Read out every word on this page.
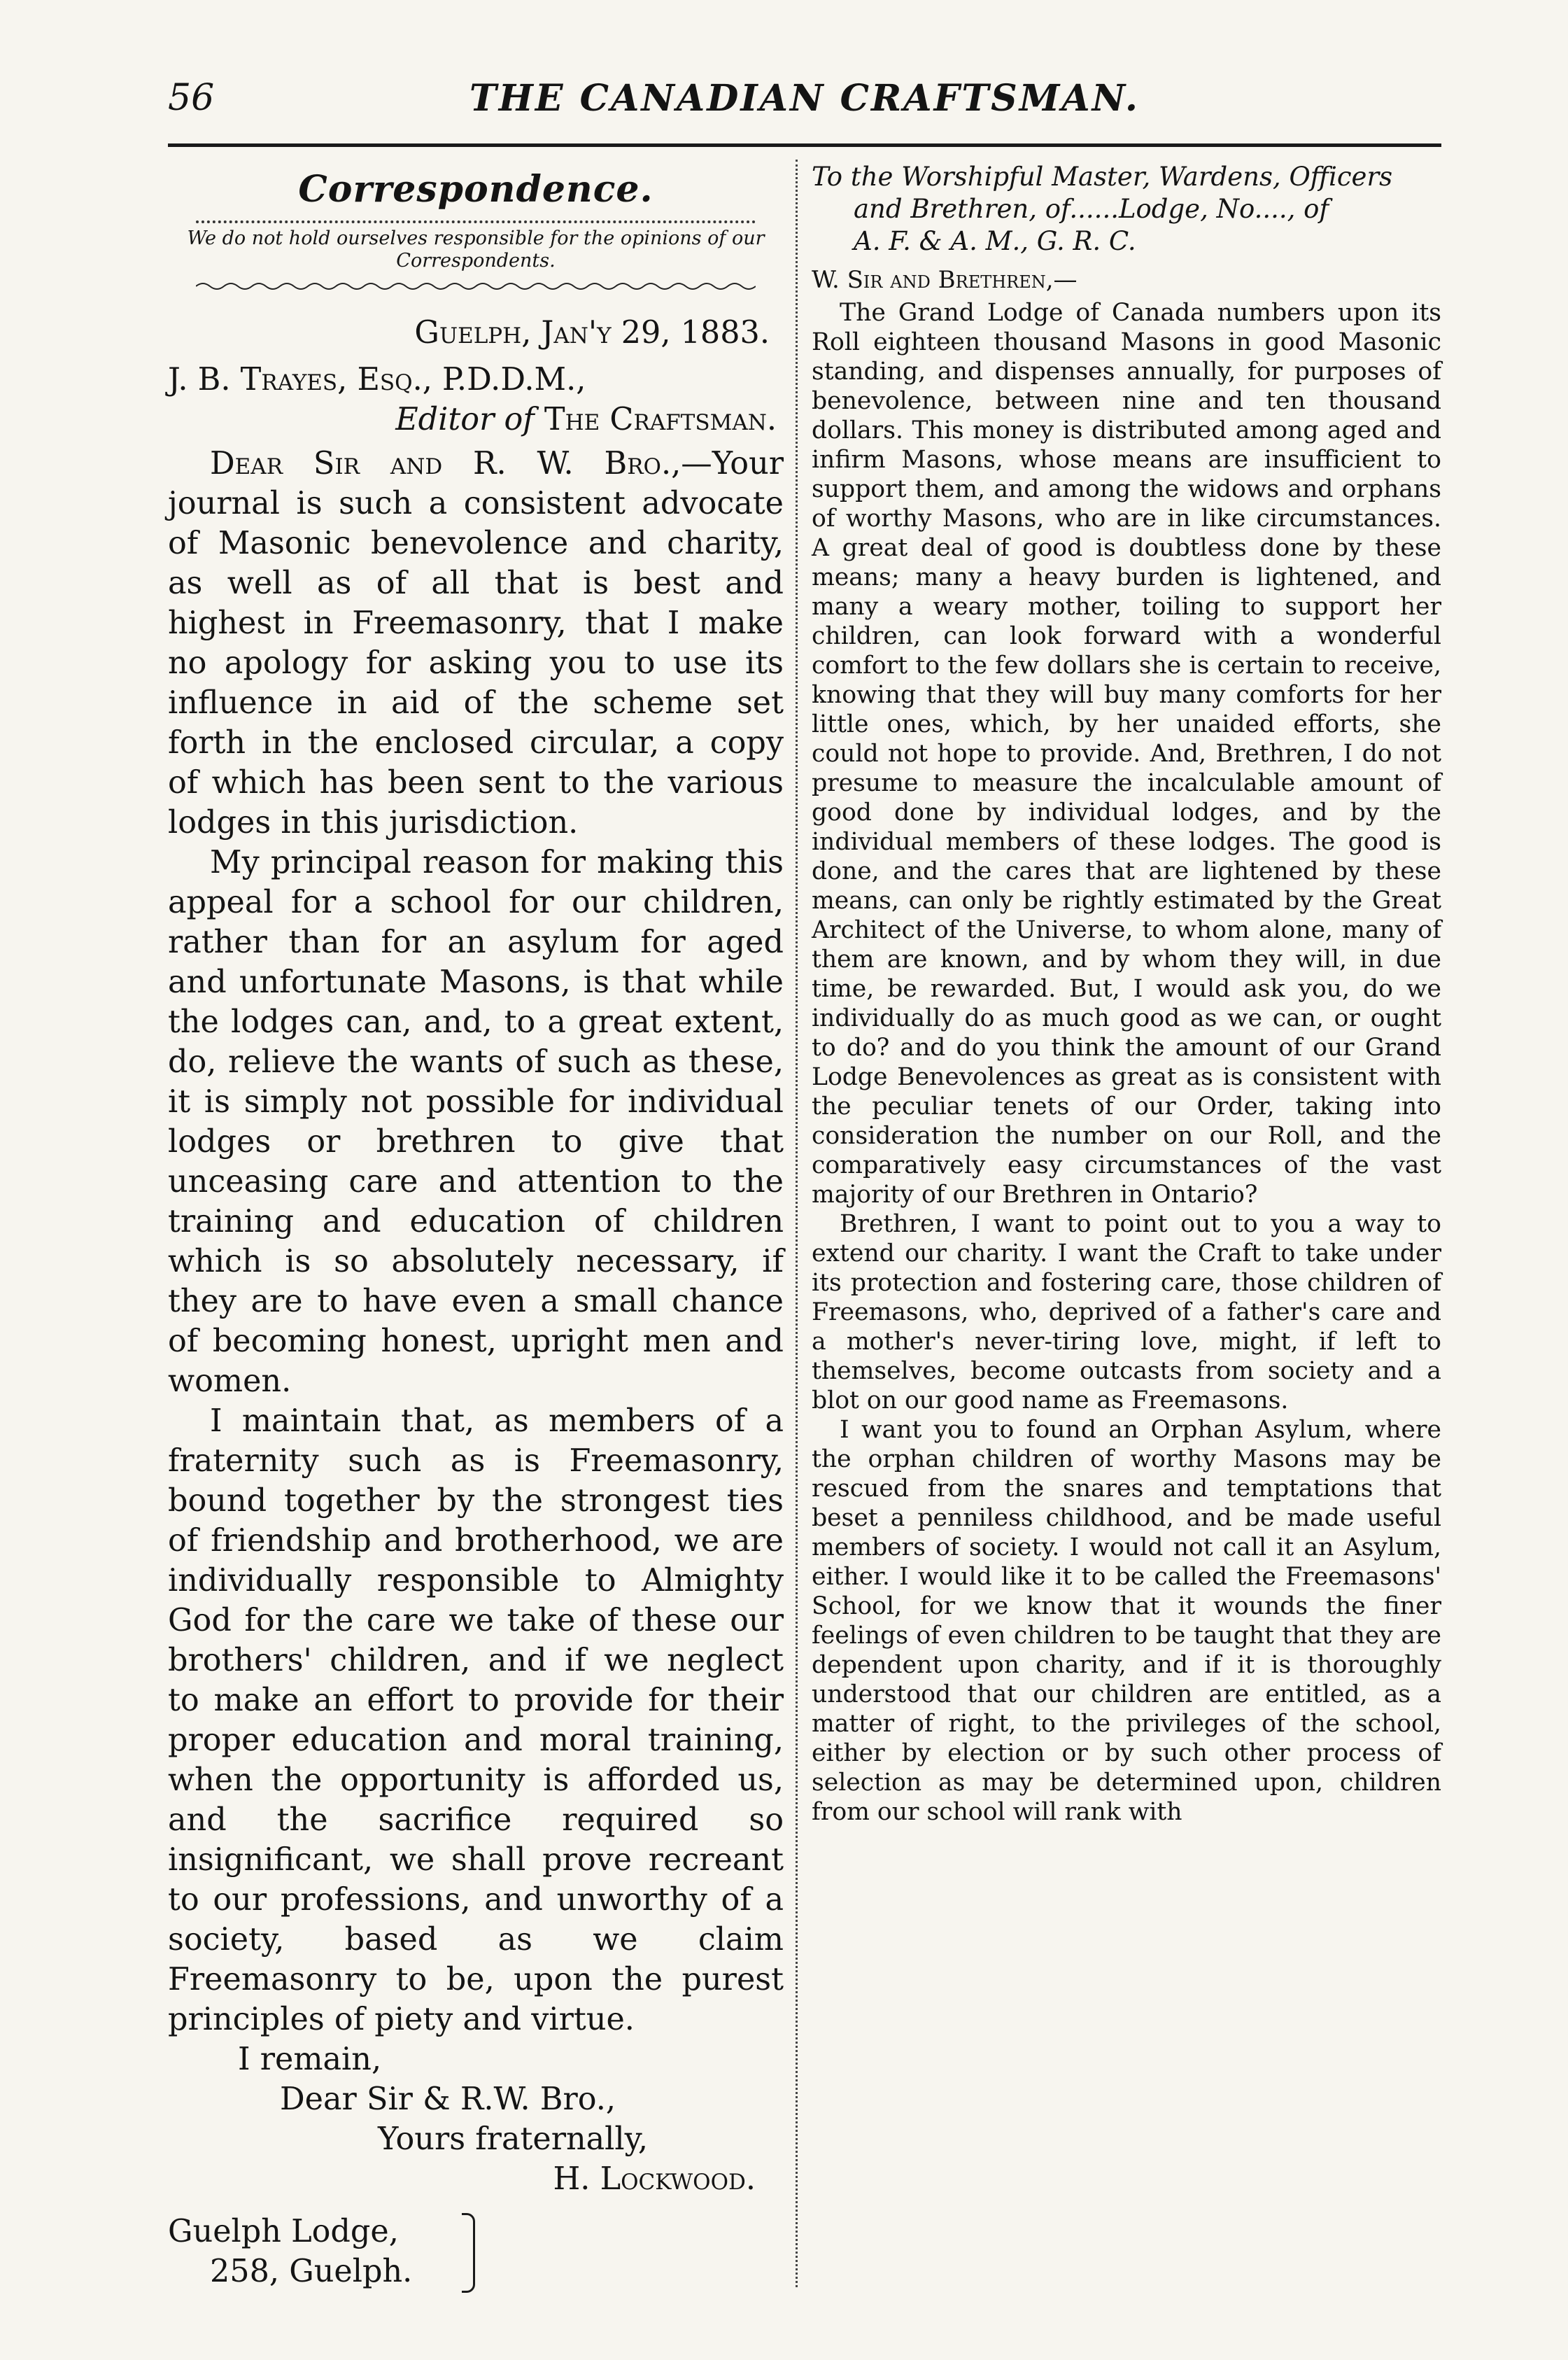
56	THE CANADIAN CRAFTSMAN.
Correspondence.
We do not hold ourselves responsible for the opinions of our Correspondents.
Guelph, Jan'y 29, 1883.
J. B. Trayes, Esq., P.D.D.M.,
Editor of The Craftsman.

Dear Sir and R. W. Bro.,—Your journal is such a consistent advocate of Masonic benevolence and charity, as well as of all that is best and highest in Freemasonry, that I make no apology for asking you to use its influence in aid of the scheme set forth in the enclosed circular, a copy of which has been sent to the various lodges in this jurisdiction.

My principal reason for making this appeal for a school for our children, rather than for an asylum for aged and unfortunate Masons, is that while the lodges can, and, to a great extent, do, relieve the wants of such as these, it is simply not possible for individual lodges or brethren to give that unceasing care and attention to the training and education of children which is so absolutely necessary, if they are to have even a small chance of becoming honest, upright men and women.

I maintain that, as members of a fraternity such as is Freemasonry, bound together by the strongest ties of friendship and brotherhood, we are individually responsible to Almighty God for the care we take of these our brothers' children, and if we neglect to make an effort to provide for their proper education and moral training, when the opportunity is afforded us, and the sacrifice required so insignificant, we shall prove recreant to our professions, and unworthy of a society, based as we claim Freemasonry to be, upon the purest principles of piety and virtue.

I remain,
Dear Sir & R.W. Bro.,
Yours fraternally,
H. Lockwood.
Guelph Lodge,
258, Guelph.
To the Worshipful Master, Wardens, Officers
and Brethren, of......Lodge, No...., of
A. F. & A. M., G. R. C.
W. Sir and Brethren,—

The Grand Lodge of Canada numbers upon its Roll eighteen thousand Masons in good Masonic standing, and dispenses annually, for purposes of benevolence, between nine and ten thousand dollars. This money is distributed among aged and infirm Masons, whose means are insufficient to support them, and among the widows and orphans of worthy Masons, who are in like circumstances. A great deal of good is doubtless done by these means; many a heavy burden is lightened, and many a weary mother, toiling to support her children, can look forward with a wonderful comfort to the few dollars she is certain to receive, knowing that they will buy many comforts for her little ones, which, by her unaided efforts, she could not hope to provide. And, Brethren, I do not presume to measure the incalculable amount of good done by individual lodges, and by the individual members of these lodges. The good is done, and the cares that are lightened by these means, can only be rightly estimated by the Great Architect of the Universe, to whom alone, many of them are known, and by whom they will, in due time, be rewarded. But, I would ask you, do we individually do as much good as we can, or ought to do? and do you think the amount of our Grand Lodge Benevolences as great as is consistent with the peculiar tenets of our Order, taking into consideration the number on our Roll, and the comparatively easy circumstances of the vast majority of our Brethren in Ontario?

Brethren, I want to point out to you a way to extend our charity. I want the Craft to take under its protection and fostering care, those children of Freemasons, who, deprived of a father's care and a mother's never-tiring love, might, if left to themselves, become outcasts from society and a blot on our good name as Freemasons.

I want you to found an Orphan Asylum, where the orphan children of worthy Masons may be rescued from the snares and temptations that beset a penniless childhood, and be made useful members of society. I would not call it an Asylum, either. I would like it to be called the Freemasons' School, for we know that it wounds the finer feelings of even children to be taught that they are dependent upon charity, and if it is thoroughly understood that our children are entitled, as a matter of right, to the privileges of the school, either by election or by such other process of selection as may be determined upon, children from our school will rank with
